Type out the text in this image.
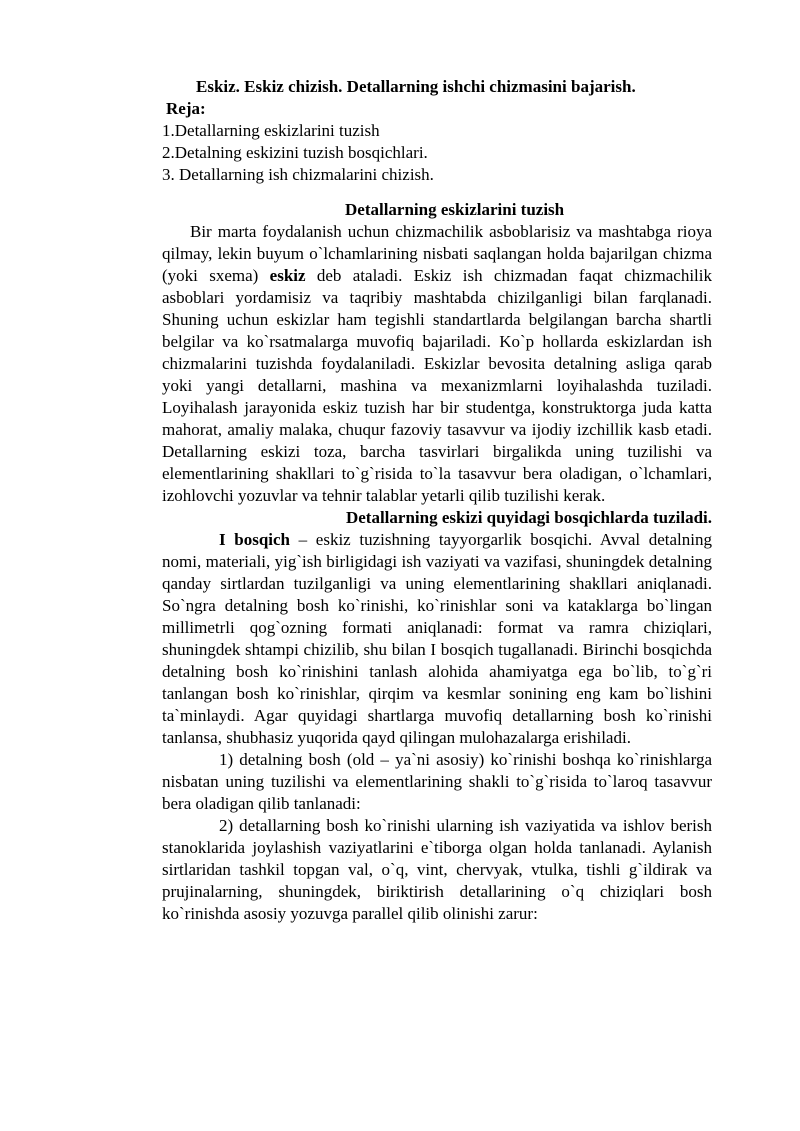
Eskiz. Eskiz chizish. Detallarning ishchi chizmasini bajarish.
Reja:
1.Detallarning eskizlarini tuzish
2.Detalning eskizini tuzish bosqichlari.
3. Detallarning ish chizmalarini chizish.
Detallarning eskizlarini tuzish

Bir marta foydalanish uchun chizmachilik asboblarisiz va mashtabga rioya qilmay, lekin buyum o`lchamlarining nisbati saqlangan holda bajarilgan chizma (yoki sxema) eskiz deb ataladi. Eskiz ish chizmadan faqat chizmachilik asboblari yordamisiz va taqribiy mashtabda chizilganligi bilan farqlanadi. Shuning uchun eskizlar ham tegishli standartlarda belgilangan barcha shartli belgilar va ko`rsatmalarga muvofiq bajariladi. Ko`p hollarda eskizlardan ish chizmalarini tuzishda foydalaniladi. Eskizlar bevosita detalning asliga qarab yoki yangi detallarni, mashina va mexanizmlarni loyihalashda tuziladi. Loyihalash jarayonida eskiz tuzish har bir studentga, konstruktorga juda katta mahorat, amaliy malaka, chuqur fazoviy tasavvur va ijodiy izchillik kasb etadi. Detallarning eskizi toza, barcha tasvirlari birgalikda uning tuzilishi va elementlarining shakllari to`g`risida to`la tasavvur bera oladigan, o`lchamlari, izohlovchi yozuvlar va tehnir talablar yetarli qilib tuzilishi kerak.

Detallarning eskizi quyidagi bosqichlarda tuziladi.

I bosqich – eskiz tuzishning tayyorgarlik bosqichi. Avval detalning nomi, materiali, yig`ish birligidagi ish vaziyati va vazifasi, shuningdek detalning qanday sirtlardan tuzilganligi va uning elementlarining shakllari aniqlanadi. So`ngra detalning bosh ko`rinishi, ko`rinishlar soni va kataklarga bo`lingan millimetrli qog`ozning formati aniqlanadi: format va ramra chiziqlari, shuningdek shtampi chizilib, shu bilan I bosqich tugallanadi. Birinchi bosqichda detalning bosh ko`rinishini tanlash alohida ahamiyatga ega bo`lib, to`g`ri tanlangan bosh ko`rinishlar, qirqim va kesmlar sonining eng kam bo`lishini ta`minlaydi. Agar quyidagi shartlarga muvofiq detallarning bosh ko`rinishi tanlansa, shubhasiz yuqorida qayd qilingan mulohazalarga erishiladi.

1) detalning bosh (old – ya`ni asosiy) ko`rinishi boshqa ko`rinishlarga nisbatan uning tuzilishi va elementlarining shakli to`g`risida to`laroq tasavvur bera oladigan qilib tanlanadi:

2) detallarning bosh ko`rinishi ularning ish vaziyatida va ishlov berish stanoklarida joylashish vaziyatlarini e`tiborga olgan holda tanlanadi. Aylanish sirtlaridan tashkil topgan val, o`q, vint, chervyak, vtulka, tishli g`ildirak va prujinalarning, shuningdek, biriktirish detallarining o`q chiziqlari bosh ko`rinishda asosiy yozuvga parallel qilib olinishi zarur:
